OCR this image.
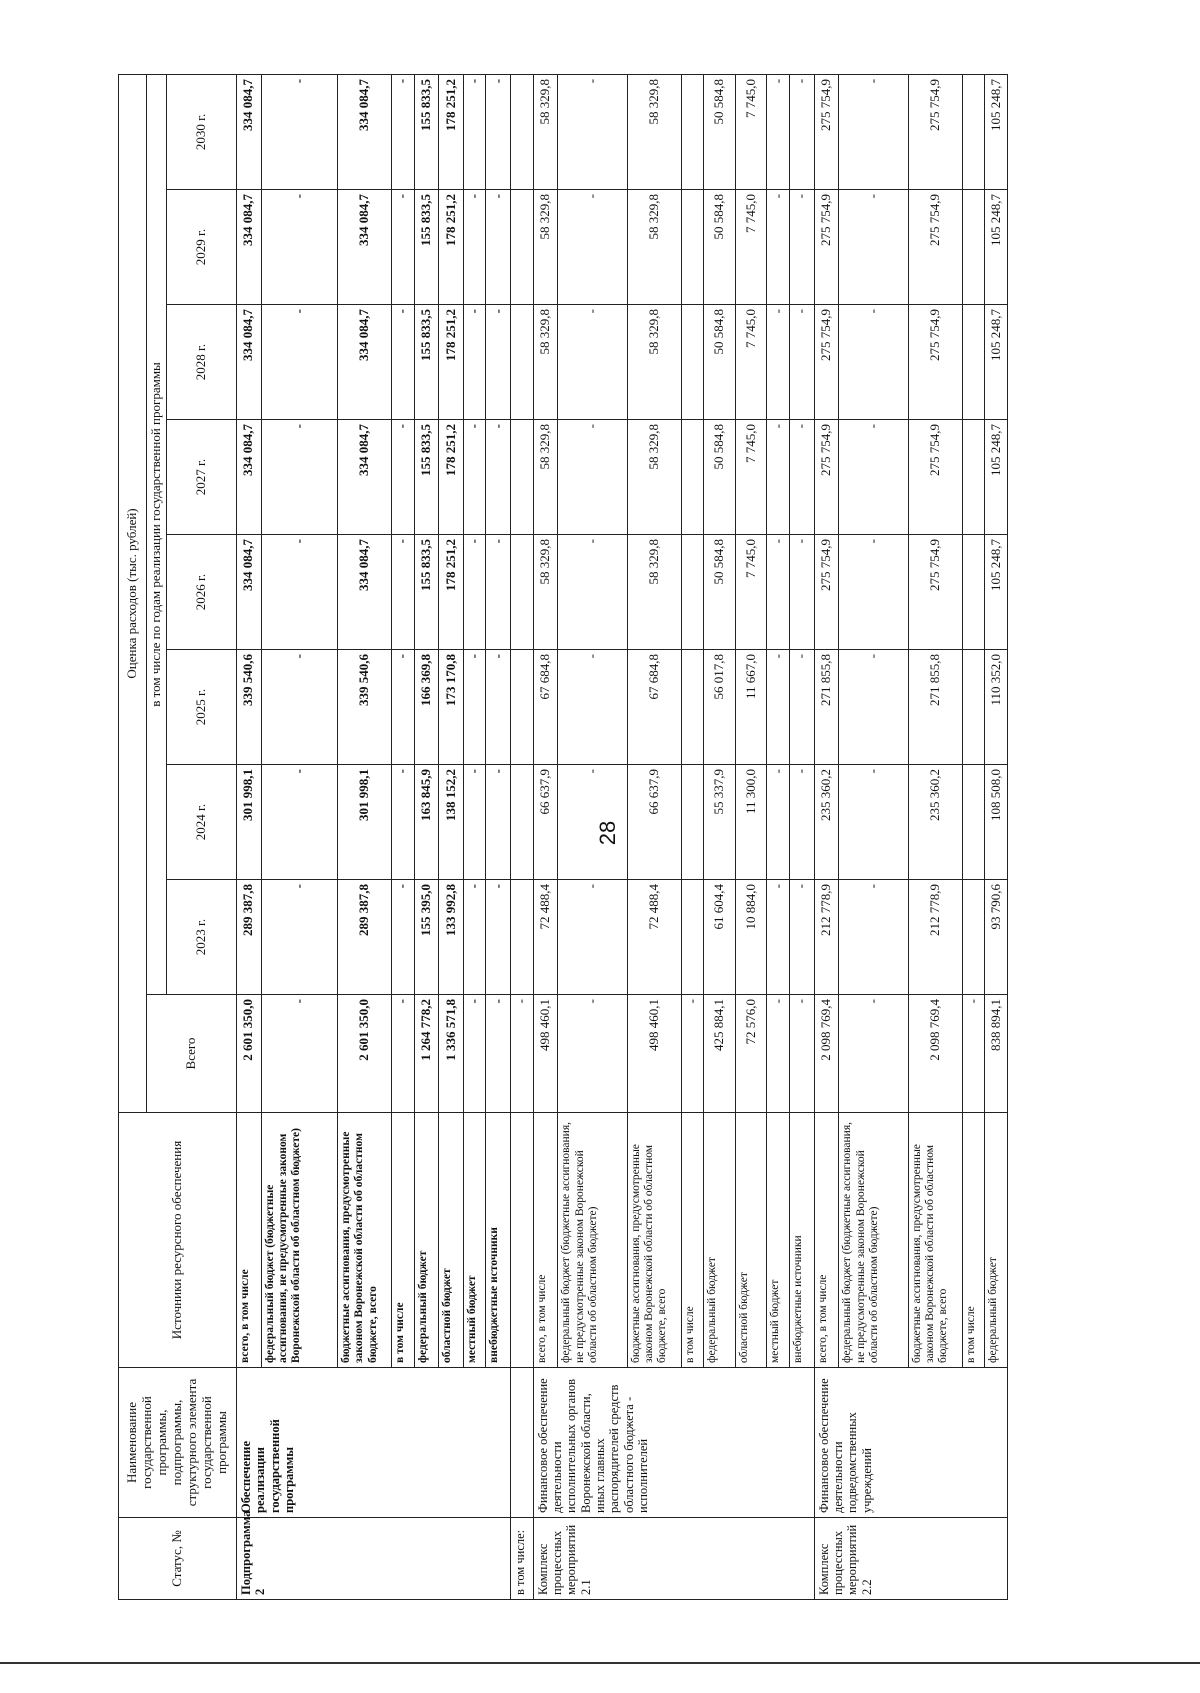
28
Статус, №	Наименование государственной программы, подпрограммы, структурного элемента государственной программы	Источники ресурсного обеспечения	Оценка расходов (тыс. рублей)								
			Всего	в том числе по годам реализации государственной программы							
				2023 г.	2024 г.	2025 г.	2026 г.	2027 г.	2028 г.	2029 г.	2030 г.
Подпрограмма 2	Обеспечение реализации государственной программы	всего, в том числе	2 601 350,0	289 387,8	301 998,1	339 540,6	334 084,7	334 084,7	334 084,7	334 084,7	334 084,7
		федеральный бюджет (бюджетные ассигнования, не предусмотренные законом Воронежской области об областном бюджете)	-	-	-	-	-	-	-	-	-
		бюджетные ассигнования, предусмотренные законом Воронежской области об областном бюджете, всего	2 601 350,0	289 387,8	301 998,1	339 540,6	334 084,7	334 084,7	334 084,7	334 084,7	334 084,7
		в том числе	-	-	-	-	-	-	-	-	-
		федеральный бюджет	1 264 778,2	155 395,0	163 845,9	166 369,8	155 833,5	155 833,5	155 833,5	155 833,5	155 833,5
		областной бюджет	1 336 571,8	133 992,8	138 152,2	173 170,8	178 251,2	178 251,2	178 251,2	178 251,2	178 251,2
		местный бюджет	-	-	-	-	-	-	-	-	-
		внебюджетные источники	-	-	-	-	-	-	-	-	-
в том числе:			-								
Комплекс процессных мероприятий 2.1	Финансовое обеспечение деятельности исполнительных органов Воронежской области, иных главных распорядителей средств областного бюджета - исполнителей	всего, в том числе	498 460,1	72 488,4	66 637,9	67 684,8	58 329,8	58 329,8	58 329,8	58 329,8	58 329,8
		федеральный бюджет (бюджетные ассигнования, не предусмотренные законом Воронежской области об областном бюджете)	-	-	-	-	-	-	-	-	-
		бюджетные ассигнования, предусмотренные законом Воронежской области об областном бюджете, всего	498 460,1	72 488,4	66 637,9	67 684,8	58 329,8	58 329,8	58 329,8	58 329,8	58 329,8
		в том числе	-								
		федеральный бюджет	425 884,1	61 604,4	55 337,9	56 017,8	50 584,8	50 584,8	50 584,8	50 584,8	50 584,8
		областной бюджет	72 576,0	10 884,0	11 300,0	11 667,0	7 745,0	7 745,0	7 745,0	7 745,0	7 745,0
		местный бюджет	-	-	-	-	-	-	-	-	-
		внебюджетные источники	-	-	-	-	-	-	-	-	-
Комплекс процессных мероприятий 2.2	Финансовое обеспечение деятельности подведомственных учреждений	всего, в том числе	2 098 769,4	212 778,9	235 360,2	271 855,8	275 754,9	275 754,9	275 754,9	275 754,9	275 754,9
		федеральный бюджет (бюджетные ассигнования, не предусмотренные законом Воронежской области об областном бюджете)	-	-	-	-	-	-	-	-	-
		бюджетные ассигнования, предусмотренные законом Воронежской области об областном бюджете, всего	2 098 769,4	212 778,9	235 360,2	271 855,8	275 754,9	275 754,9	275 754,9	275 754,9	275 754,9
		в том числе	-								
		федеральный бюджет	838 894,1	93 790,6	108 508,0	110 352,0	105 248,7	105 248,7	105 248,7	105 248,7	105 248,7
